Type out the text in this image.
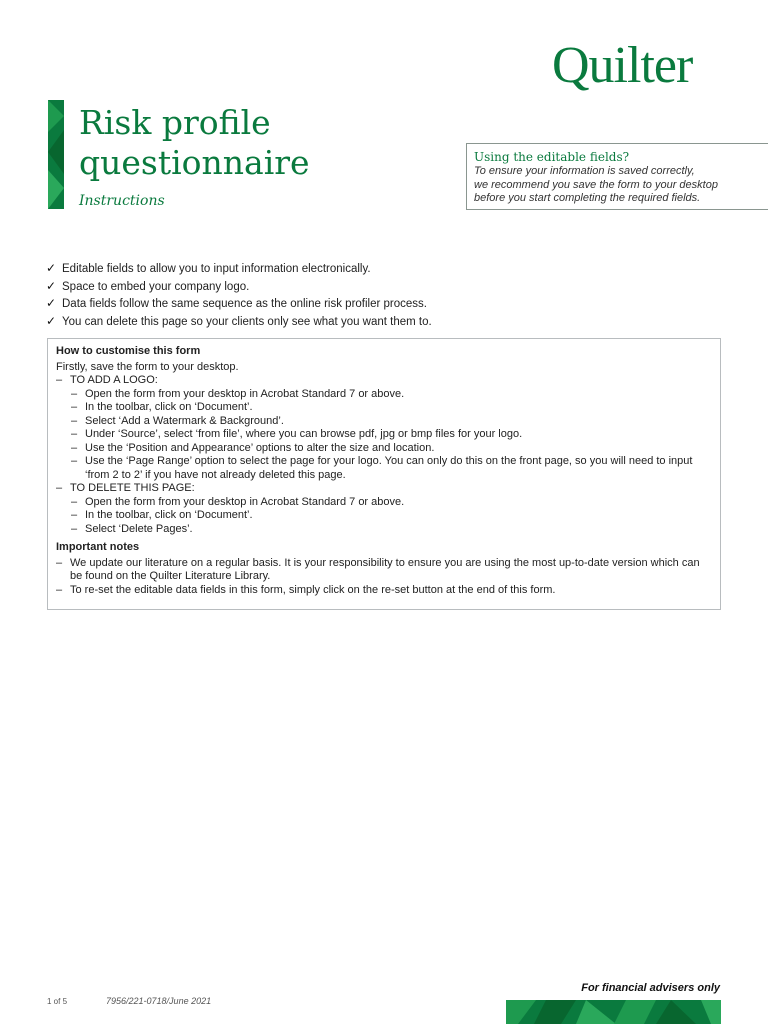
Quilter
Risk profile
questionnaire
Instructions
Using the editable fields?
To ensure your information is saved correctly,
we recommend you save the form to your desktop
before you start completing the required fields.
✓ Editable fields to allow you to input information electronically.
✓ Space to embed your company logo.
✓ Data fields follow the same sequence as the online risk profiler process.
✓ You can delete this page so your clients only see what you want them to.

How to customise this form

Firstly, save the form to your desktop.

– TO ADD A LOGO:
– Open the form from your desktop in Acrobat Standard 7 or above.
– In the toolbar, click on ‘Document’.
– Select ‘Add a Watermark & Background’.
– Under ‘Source’, select ‘from file’, where you can browse pdf, jpg or bmp files for your logo.
– Use the ‘Position and Appearance’ options to alter the size and location.
– Use the ‘Page Range’ option to select the page for your logo. You can only do this on the front page, so you will need to input ‘from 2 to 2’ if you have not already deleted this page.
– TO DELETE THIS PAGE:
– Open the form from your desktop in Acrobat Standard 7 or above.
– In the toolbar, click on ‘Document’.
– Select ‘Delete Pages’.

Important notes

– We update our literature on a regular basis. It is your responsibility to ensure you are using the most up-to-date version which can be found on the Quilter Literature Library.
– To re-set the editable data fields in this form, simply click on the re-set button at the end of this form.
For financial advisers only
1 of 5	7956/221-0718/June 2021
